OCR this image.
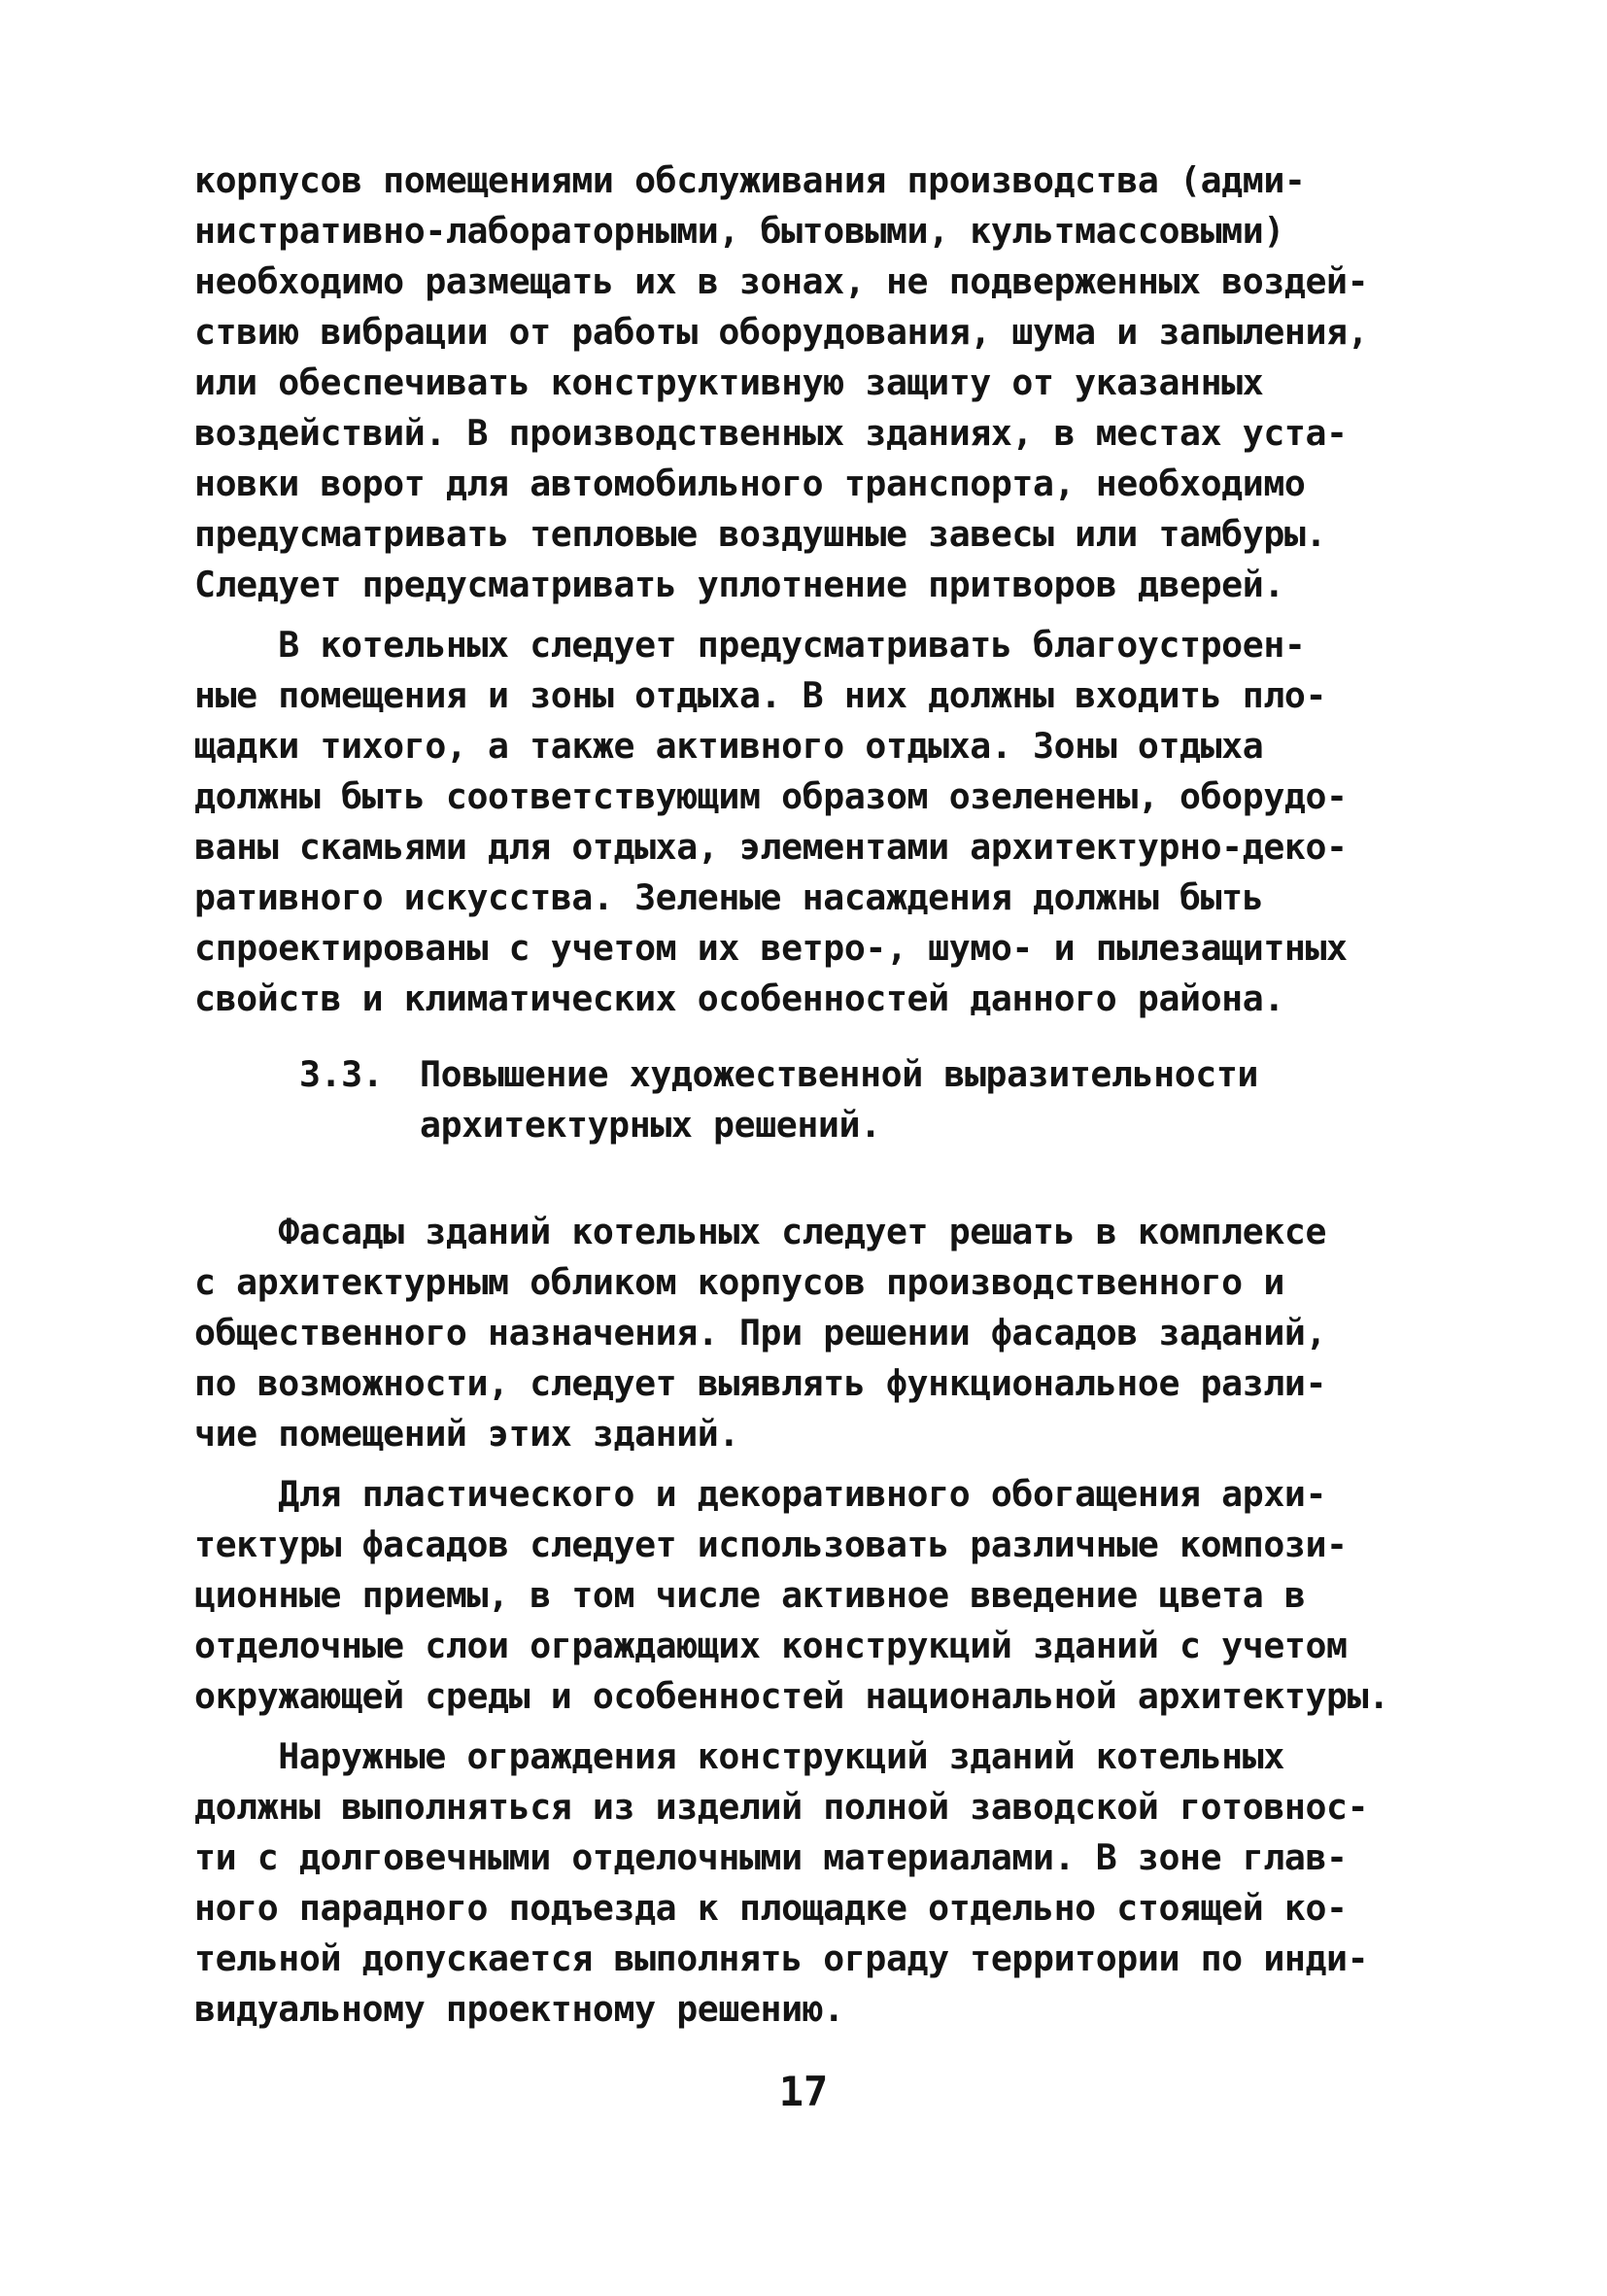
корпусов помещениями обслуживания производства (адми-
нистративно-лабораторными, бытовыми, культмассовыми)
необходимо размещать их в зонах, не подверженных воздей-
ствию вибрации от работы оборудования, шума и запыления,
или обеспечивать конструктивную защиту от указанных
воздействий. В производственных зданиях, в местах уста-
новки ворот для автомобильного транспорта, необходимо
предусматривать тепловые воздушные завесы или тамбуры.
Следует предусматривать уплотнение притворов дверей.
В котельных следует предусматривать благоустроен-
ные помещения и зоны отдыха. В них должны входить пло-
щадки тихого, а также активного отдыха. Зоны отдыха
должны быть соответствующим образом озеленены, оборудо-
ваны скамьями для отдыха, элементами архитектурно-деко-
ративного искусства. Зеленые насаждения должны быть
спроектированы с учетом их ветро-, шумо- и пылезащитных
свойств и климатических особенностей данного района.
3.3. Повышение художественной выразительности
архитектурных решений.
Фасады зданий котельных следует решать в комплексе
с архитектурным обликом корпусов производственного и
общественного назначения. При решении фасадов заданий,
по возможности, следует выявлять функциональное разли-
чие помещений этих зданий.
Для пластического и декоративного обогащения архи-
тектуры фасадов следует использовать различные компози-
ционные приемы, в том числе активное введение цвета в
отделочные слои ограждающих конструкций зданий с учетом
окружающей среды и особенностей национальной архитектуры.
Наружные ограждения конструкций зданий котельных
должны выполняться из изделий полной заводской готовнос-
ти с долговечными отделочными материалами. В зоне глав-
ного парадного подъезда к площадке отдельно стоящей ко-
тельной допускается выполнять ограду территории по инди-
видуальному проектному решению.
17
